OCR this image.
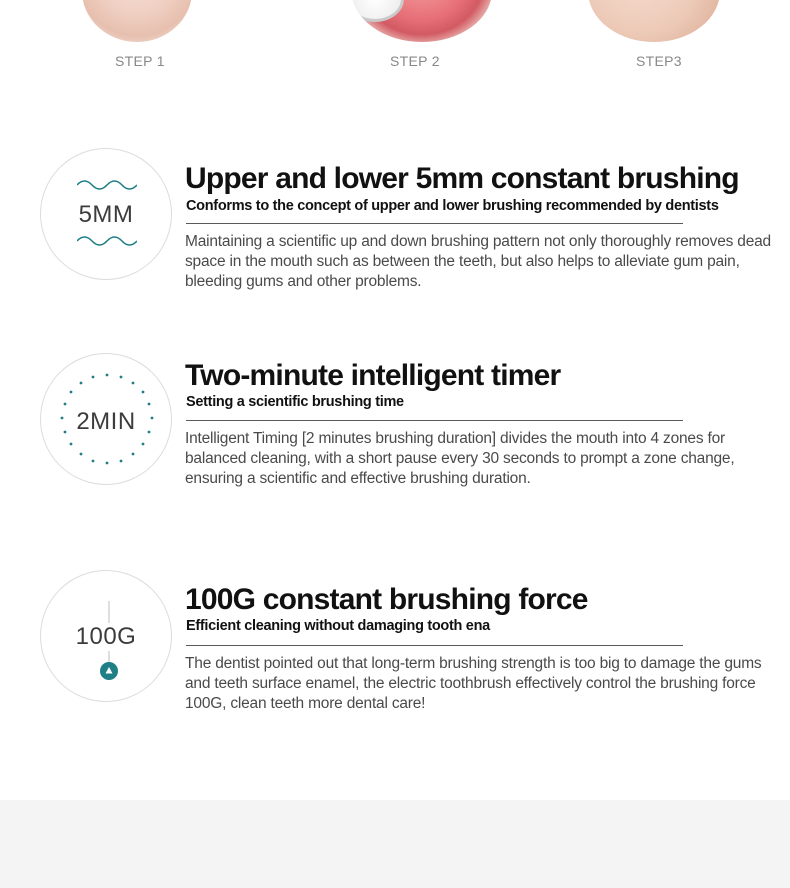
STEP 1	STEP 2	STEP3
5MM
Upper and lower 5mm constant brushing
Conforms to the concept of upper and lower brushing recommended by dentists
Maintaining a scientific up and down brushing pattern not only thoroughly removes dead space in the mouth such as between the teeth, but also helps to alleviate gum pain, bleeding gums and other problems.
2MIN
Two-minute intelligent timer
Setting a scientific brushing time
Intelligent Timing [2 minutes brushing duration] divides the mouth into 4 zones for balanced cleaning, with a short pause every 30 seconds to prompt a zone change, ensuring a scientific and effective brushing duration.
100G
100G constant brushing force
Efficient cleaning without damaging tooth ena
The dentist pointed out that long-term brushing strength is too big to damage the gums and teeth surface enamel, the electric toothbrush effectively control the brushing force 100G, clean teeth more dental care!
